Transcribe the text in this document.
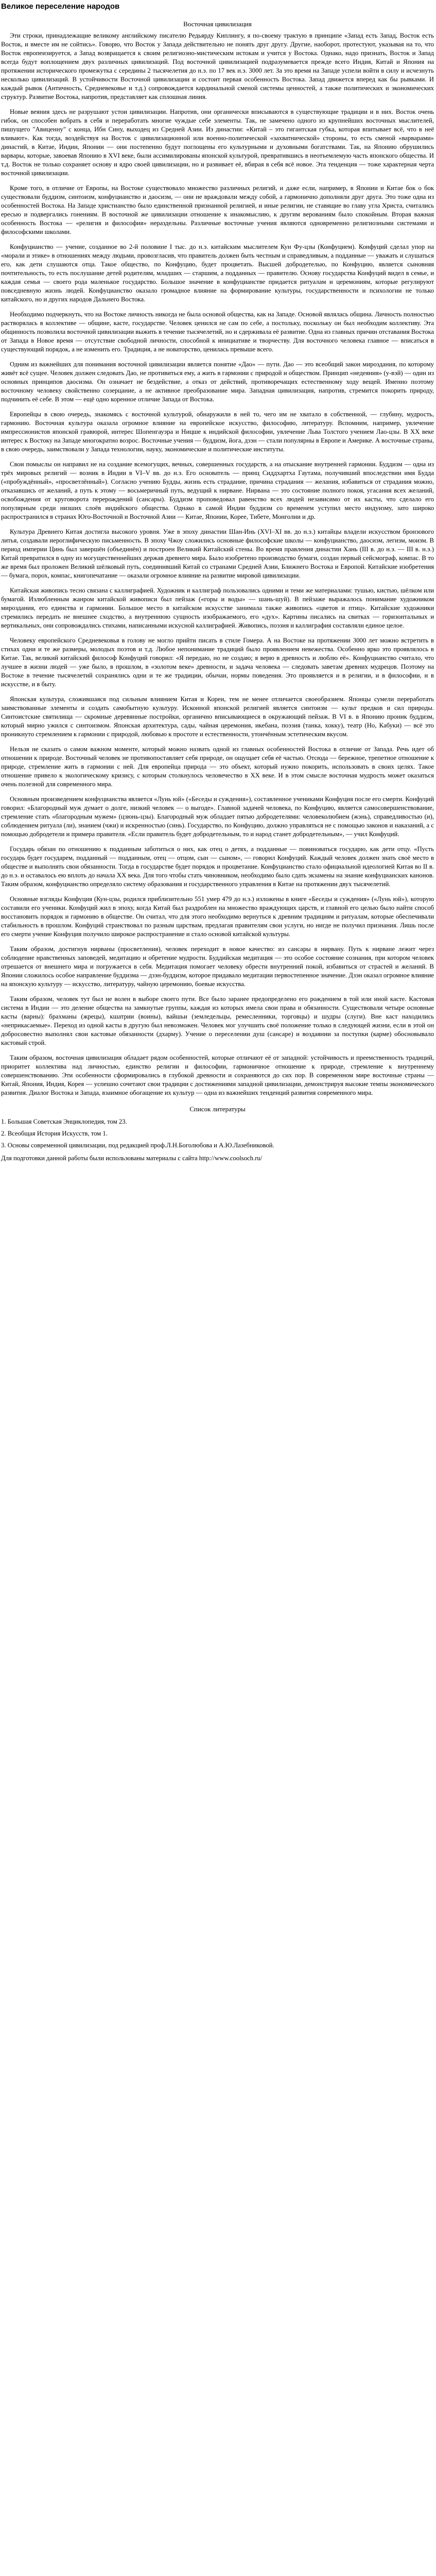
Великое переселение народов
Восточная цивилизация

Эти строки, принадлежащие великому английскому писателю Редьярду Киплингу, я по-своему трактую в принципе «Запад есть Запад, Восток есть Восток, и вместе им не сойтись». Говорю, что Восток у Запада действительно не понять друг другу. Другие, наоборот, протестуют, указывая на то, что Восток европеизируется, а Запад возвращается к своим религиозно-мистическим истокам и учится у Востока. Однако, надо признать, Восток и Запад всегда будут воплощением двух различных цивилизаций. Под восточной цивилизацией подразумевается прежде всего Индия, Китай и Япония на протяжении исторического промежутка с середины 2 тысячелетия до н.э. по 17 век н.э. 3000 лет. За это время на Западе успели войти в силу и исчезнуть несколько цивилизаций. В устойчивости Восточной цивилизации и состоит первая особенность Востока. Запад движется вперед как бы рывками. И каждый рывок (Античность, Средневековье и т.д.) сопровождается кардинальной сменой системы ценностей, а также политических и экономических структур. Развитие Востока, напротив, представляет как сплошная линия.

Новые веяния здесь не разрушают устои цивилизации. Напротив, они органически вписываются в существующие традиции и в них. Восток очень гибок, он способен вобрать в себя и переработать многие чуждые себе элементы. Так, не замечено одного из крупнейших восточных мыслителей, пишущего "Авиценну" с конца, Ибн Сину, выходец из Средней Азии. Из династии: «Китай – это гигантская губка, которая впитывает всё, что в неё вливают». Как тогда, воздействуя на Восток с цивилизационной или военно-политической «захватнической» стороны, то есть сменой «варварами» династий, в Китае, Индии, Японии — они постепенно будут поглощены его культурными и духовными богатствами. Так, на Японию обрушились варвары, которые, завоевав Японию в XVI веке, были ассимилированы японской культурой, превратившись в неотъемлемую часть японского общества. И т.д. Восток не только сохраняет основу и ядро своей цивилизации, но и развивает её, вбирая в себя всё новое. Эта тенденция — тоже характерная черта восточной цивилизации.

Кроме того, в отличие от Европы, на Востоке существовало множество различных религий, и даже если, например, в Японии и Китае бок о бок существовали буддизм, синтоизм, конфуцианство и даосизм, — они не враждовали между собой, а гармонично дополняли друг друга. Это тоже одна из особенностей Востока. На Западе христианство было единственной признанной религией, и иные религии, не ставящие во главу угла Христа, считались ересью и подвергались гонениям. В восточной же цивилизации отношение к инакомыслию, к другим верованиям было спокойным. Вторая важная особенность Востока — «религия и философия» нераздельны. Различные восточные учения являются одновременно религиозными системами и философскими школами.

Конфуцианство — учение, созданное во 2-й половине I тыс. до н.э. китайским мыслителем Кун Фу-цзы (Конфуцием). Конфуций сделал упор на «морали и этике» в отношениях между людьми, провозгласив, что правитель должен быть честным и справедливым, а подданные — уважать и слушаться его, как дети слушаются отца. Такое общество, по Конфуцию, будет процветать. Высшей добродетелью, по Конфуцию, является сыновняя почтительность, то есть послушание детей родителям, младших — старшим, а подданных — правителю. Основу государства Конфуций видел в семье, и каждая семья — своего рода маленькое государство. Большое значение в конфуцианстве придается ритуалам и церемониям, которые регулируют повседневную жизнь людей. Конфуцианство оказало громадное влияние на формирование культуры, государственности и психологии не только китайского, но и других народов Дальнего Востока.

Необходимо подчеркнуть, что на Востоке личность никогда не была основой общества, как на Западе. Основой являлась община. Личность полностью растворялась в коллективе — общине, касте, государстве. Человек ценился не сам по себе, а постольку, поскольку он был необходим коллективу. Эта общинность позволила восточной цивилизации выжить в течение тысячелетий, но и сдерживала её развитие. Одна из главных причин отставания Востока от Запада в Новое время — отсутствие свободной личности, способной к инициативе и творчеству. Для восточного человека главное — вписаться в существующий порядок, а не изменить его. Традиция, а не новаторство, ценилась превыше всего.

Одним из важнейших для понимания восточной цивилизации является понятие «Дао» — пути. Дао — это всеобщий закон мироздания, по которому живёт всё сущее. Человек должен следовать Дао, не противиться ему, а жить в гармонии с природой и обществом. Принцип «недеяния» (у-вэй) — один из основных принципов даосизма. Он означает не бездействие, а отказ от действий, противоречащих естественному ходу вещей. Именно поэтому восточному человеку свойственно созерцание, а не активное преобразование мира. Западная цивилизация, напротив, стремится покорить природу, подчинить её себе. В этом — ещё одно коренное отличие Запада от Востока.

Европейцы в свою очередь, знакомясь с восточной культурой, обнаружили в ней то, чего им не хватало в собственной, — глубину, мудрость, гармонию. Восточная культура оказала огромное влияние на европейское искусство, философию, литературу. Вспомним, например, увлечение импрессионистов японской гравюрой, интерес Шопенгауэра и Ницше к индийской философии, увлечение Льва Толстого учением Лао-цзы. В XX веке интерес к Востоку на Западе многократно возрос. Восточные учения — буддизм, йога, дзэн — стали популярны в Европе и Америке. А восточные страны, в свою очередь, заимствовали у Запада технологии, науку, экономические и политические институты.

Свои помыслы он направил не на создание всемогущих, вечных, совершенных государств, а на отыскание внутренней гармонии. Буддизм — одна из трёх мировых религий — возник в Индии в VI–V вв. до н.э. Его основатель — принц Сиддхартха Гаутама, получивший впоследствии имя Будда («пробуждённый», «просветлённый»). Согласно учению Будды, жизнь есть страдание, причина страдания — желания, избавиться от страдания можно, отказавшись от желаний, а путь к этому — восьмеричный путь, ведущий к нирване. Нирвана — это состояние полного покоя, угасания всех желаний, освобождения от круговорота перерождений (сансары). Буддизм проповедовал равенство всех людей независимо от их касты, что сделало его популярным среди низших слоёв индийского общества. Однако в самой Индии буддизм со временем уступил место индуизму, зато широко распространился в странах Юго-Восточной и Восточной Азии — Китае, Японии, Корее, Тибете, Монголии и др.

Культура Древнего Китая достигла высокого уровня. Уже в эпоху династии Шан-Инь (XVI–XI вв. до н.э.) китайцы владели искусством бронзового литья, создавали иероглифическую письменность. В эпоху Чжоу сложились основные философские школы — конфуцианство, даосизм, легизм, моизм. В период империи Цинь был завершён (объединён) и построен Великий Китайский стены. Во время правления династии Хань (III в. до н.э. — III в. н.э.) Китай превратился в одну из могущественнейших держав древнего мира. Было изобретено производство бумаги, создан первый сейсмограф, компас. В то же время был проложен Великий шёлковый путь, соединивший Китай со странами Средней Азии, Ближнего Востока и Европой. Китайские изобретения — бумага, порох, компас, книгопечатание — оказали огромное влияние на развитие мировой цивилизации.

Китайская живопись тесно связана с каллиграфией. Художник и каллиграф пользовались одними и теми же материалами: тушью, кистью, шёлком или бумагой. Излюбленным жанром китайской живописи был пейзаж («горы и воды» — шань-шуй). В пейзаже выражалось понимание художником мироздания, его единства и гармонии. Большое место в китайском искусстве занимала также живопись «цветов и птиц». Китайские художники стремились передать не внешнее сходство, а внутреннюю сущность изображаемого, его «дух». Картины писались на свитках — горизонтальных и вертикальных, они сопровождались стихами, написанными искусной каллиграфией. Живопись, поэзия и каллиграфия составляли единое целое.

Человеку европейского Средневековья в голову не могло прийти писать в стиле Гомера. А на Востоке на протяжении 3000 лет можно встретить в стихах одни и те же размеры, молодых поэтов и т.д. Любое непонимание традиций было проявлением невежества. Особенно ярко это проявлялось в Китае. Так, великий китайский философ Конфуций говорил: «Я передаю, но не создаю; я верю в древность и люблю её». Конфуцианство считало, что лучшее в жизни людей — уже было, в прошлом, в «золотом веке» древности, и задача человека — следовать заветам древних мудрецов. Поэтому на Востоке в течение тысячелетий сохранялись одни и те же традиции, обычаи, нормы поведения. Это проявляется и в религии, и в философии, и в искусстве, и в быту.

Японская культура, сложившаяся под сильным влиянием Китая и Кореи, тем не менее отличается своеобразием. Японцы сумели переработать заимствованные элементы и создать самобытную культуру. Исконной японской религией является синтоизм — культ предков и сил природы. Синтоистские святилища — скромные деревянные постройки, органично вписывающиеся в окружающий пейзаж. В VI в. в Японию проник буддизм, который мирно ужился с синтоизмом. Японская архитектура, сады, чайная церемония, икебана, поэзия (танка, хокку), театр (Но, Кабуки) — всё это проникнуто стремлением к гармонии с природой, любовью к простоте и естественности, утончённым эстетическим вкусом.

Нельзя не сказать о самом важном моменте, который можно назвать одной из главных особенностей Востока в отличие от Запада. Речь идет об отношении к природе. Восточный человек не противопоставляет себя природе, он ощущает себя её частью. Отсюда — бережное, трепетное отношение к природе, стремление жить в гармонии с ней. Для европейца природа — это объект, который нужно покорить, использовать в своих целях. Такое отношение привело к экологическому кризису, с которым столкнулось человечество в XX веке. И в этом смысле восточная мудрость может оказаться очень полезной для современного мира.

Основным произведением конфуцианства является «Лунь юй» («Беседы и суждения»), составленное учениками Конфуция после его смерти. Конфуций говорил: «Благородный муж думает о долге, низкий человек — о выгоде». Главной задачей человека, по Конфуцию, является самосовершенствование, стремление стать «благородным мужем» (цзюнь-цзы). Благородный муж обладает пятью добродетелями: человеколюбием (жэнь), справедливостью (и), соблюдением ритуала (ли), знанием (чжи) и искренностью (синь). Государство, по Конфуцию, должно управляться не с помощью законов и наказаний, а с помощью добродетели и примера правителя. «Если правитель будет добродетельным, то и народ станет добродетельным», — учил Конфуций.

Государь обязан по отношению к подданным заботиться о них, как отец о детях, а подданные — повиноваться государю, как дети отцу. «Пусть государь будет государем, подданный — подданным, отец — отцом, сын — сыном», — говорил Конфуций. Каждый человек должен знать своё место в обществе и выполнять свои обязанности. Тогда в государстве будет порядок и процветание. Конфуцианство стало официальной идеологией Китая во II в. до н.э. и оставалось ею вплоть до начала XX века. Для того чтобы стать чиновником, необходимо было сдать экзамены на знание конфуцианских канонов. Таким образом, конфуцианство определяло систему образования и государственного управления в Китае на протяжении двух тысячелетий.

Основные взгляды Конфуция (Кун-цзы, родился приблизительно 551 умер 479 до н.э.) изложены в книге «Беседы и суждения» («Лунь юй»), которую составили его ученики. Конфуций жил в эпоху, когда Китай был раздроблен на множество враждующих царств, и главной его целью было найти способ восстановить порядок и гармонию в обществе. Он считал, что для этого необходимо вернуться к древним традициям и ритуалам, которые обеспечивали стабильность в прошлом. Конфуций странствовал по разным царствам, предлагая правителям свои услуги, но нигде не получил признания. Лишь после его смерти учение Конфуция получило широкое распространение и стало основой китайской культуры.

Таким образом, достигнув нирваны (просветления), человек переходит в новое качество: из сансары в нирвану. Путь к нирване лежит через соблюдение нравственных заповедей, медитацию и обретение мудрости. Буддийская медитация — это особое состояние сознания, при котором человек отрешается от внешнего мира и погружается в себя. Медитация помогает человеку обрести внутренний покой, избавиться от страстей и желаний. В Японии сложилось особое направление буддизма — дзэн-буддизм, которое придавало медитации первостепенное значение. Дзэн оказал огромное влияние на японскую культуру — искусство, литературу, чайную церемонию, боевые искусства.

Таким образом, человек тут был не волен в выборе своего пути. Все было заранее предопределено его рождением в той или иной касте. Кастовая система в Индии — это деление общества на замкнутые группы, каждая из которых имела свои права и обязанности. Существовали четыре основные касты (варны): брахманы (жрецы), кшатрии (воины), вайшьи (земледельцы, ремесленники, торговцы) и шудры (слуги). Вне каст находились «неприкасаемые». Переход из одной касты в другую был невозможен. Человек мог улучшить своё положение только в следующей жизни, если в этой он добросовестно выполнял свои кастовые обязанности (дхарму). Учение о переселении душ (сансаре) и воздаянии за поступки (карме) обосновывало кастовый строй.

Таким образом, восточная цивилизация обладает рядом особенностей, которые отличают её от западной: устойчивость и преемственность традиций, приоритет коллектива над личностью, единство религии и философии, гармоничное отношение к природе, стремление к внутреннему совершенствованию. Эти особенности сформировались в глубокой древности и сохраняются до сих пор. В современном мире восточные страны — Китай, Япония, Индия, Корея — успешно сочетают свои традиции с достижениями западной цивилизации, демонстрируя высокие темпы экономического развития. Диалог Востока и Запада, взаимное обогащение их культур — одна из важнейших тенденций развития современного мира.

Список литературы

1. Большая Советская Энциклопедия, том 23.

2. Всеобщая История Искусств, том 1.

3. Основы современной цивилизации, под редакцией проф.Л.Н.Боголюбова и А.Ю.Лазебниковой.

Для подготовки данной работы были использованы материалы с сайта http://www.coolsoch.ru/
